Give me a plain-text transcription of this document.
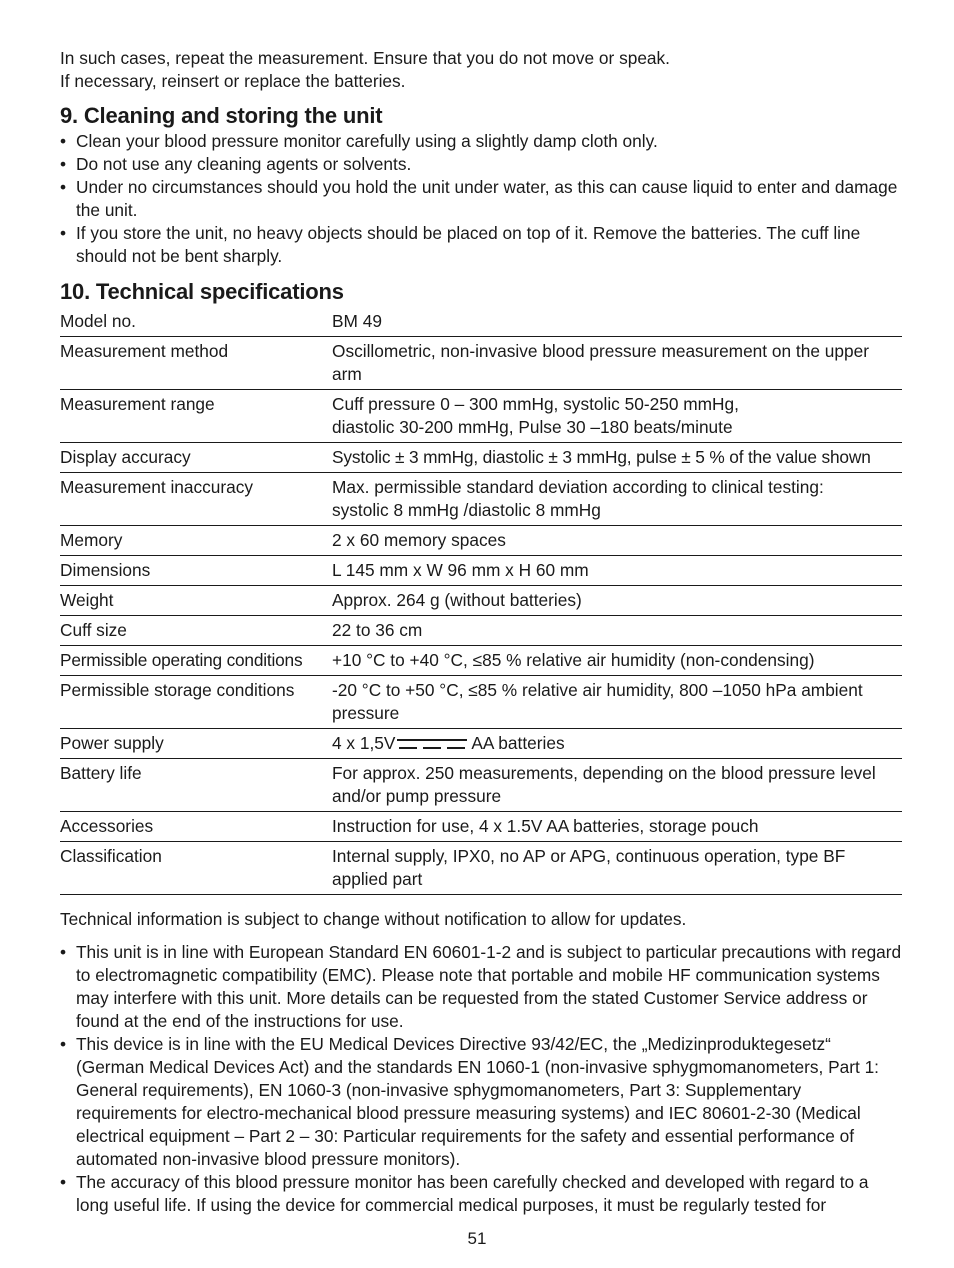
In such cases, repeat the measurement. Ensure that you do not move or speak.

If necessary, reinsert or replace the batteries.

9. Cleaning and storing the unit
• Clean your blood pressure monitor carefully using a slightly damp cloth only.
• Do not use any cleaning agents or solvents.
• Under no circumstances should you hold the unit under water, as this can cause liquid to enter and damage the unit.
• If you store the unit, no heavy objects should be placed on top of it. Remove the batteries. The cuff line should not be bent sharply.
10. Technical specifications
Model no.	BM 49

Measurement method	Oscillometric, non-invasive blood pressure measurement on the upper arm

Measurement range	Cuff pressure 0 – 300 mmHg, systolic 50-250 mmHg,
diastolic 30-200 mmHg, Pulse 30 –180 beats/minute

Display accuracy	Systolic ± 3 mmHg, diastolic ± 3 mmHg, pulse ± 5 % of the value shown

Measurement inaccuracy	Max. permissible standard deviation according to clinical testing:
systolic 8 mmHg /diastolic 8 mmHg

Memory	2 x 60 memory spaces

Dimensions	L 145 mm x W 96 mm x H 60 mm

Weight	Approx. 264 g (without batteries)

Cuff size	22 to 36 cm

Permissible operating conditions	+10 °C to +40 °C, ≤85 % relative air humidity (non-condensing)

Permissible storage conditions	-20 °C to +50 °C, ≤85 % relative air humidity, 800 –1050 hPa ambient pressure

Power supply	4 x 1,5V AA batteries
Battery life	For approx. 250 measurements, depending on the blood pressure level and/or pump pressure

Accessories	Instruction for use, 4 x 1.5V AA batteries, storage pouch

Classification	Internal supply, IPX0, no AP or APG, continuous operation, type BF applied part

Technical information is subject to change without notification to allow for updates.

• This unit is in line with European Standard EN 60601-1-2 and is subject to particular precautions with regard to electromagnetic compatibility (EMC). Please note that portable and mobile HF communication systems may interfere with this unit. More details can be requested from the stated Customer Service address or found at the end of the instructions for use.
• This device is in line with the EU Medical Devices Directive 93/42/EC, the „Medizinproduktegesetz“ (German Medical Devices Act) and the standards EN 1060-1 (non-invasive sphygmomanometers, Part 1: General requirements), EN 1060-3 (non-invasive sphygmomanometers, Part 3: Supplementary requirements for electro-mechanical blood pressure measuring systems) and IEC 80601-2-30 (Medical electrical equipment – Part 2 – 30: Particular requirements for the safety and essential performance of automated non-invasive blood pressure monitors).
• The accuracy of this blood pressure monitor has been carefully checked and developed with regard to a long useful life. If using the device for commercial medical purposes, it must be regularly tested for
51
